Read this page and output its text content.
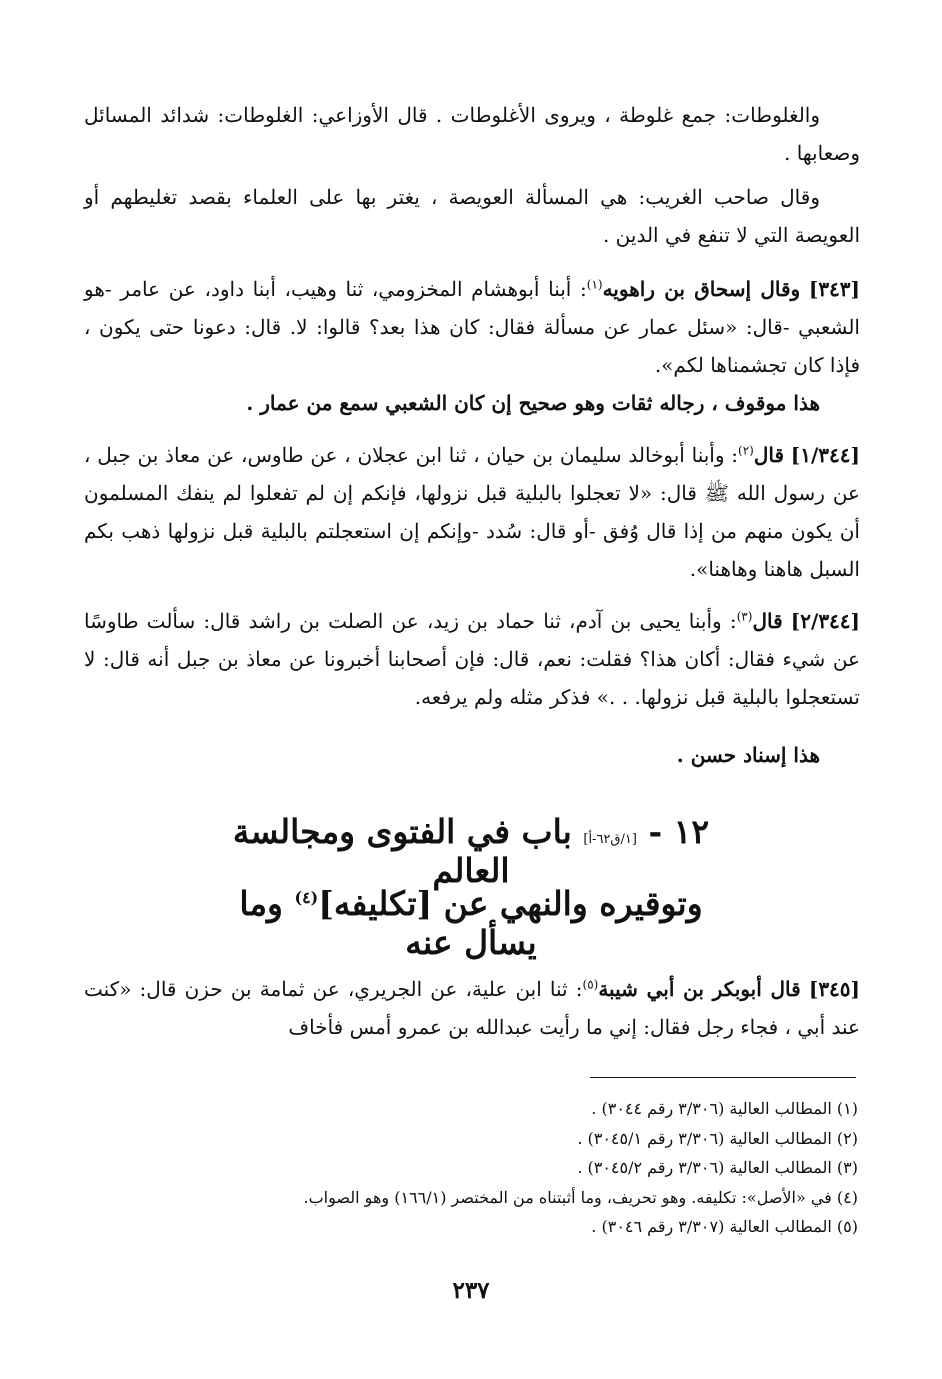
والغلوطات: جمع غلوطة ، ويروى الأغلوطات . قال الأوزاعي: الغلوطات: شدائد المسائل وصعابها .

وقال صاحب الغريب: هي المسألة العويصة ، يغتر بها على العلماء بقصد تغليطهم أو العويصة التي لا تنفع في الدين .

[٣٤٣] وقال إسحاق بن راهويه$^{(١)}$: أبنا أبوهشام المخزومي، ثنا وهيب، أبنا داود، عن عامر -هو الشعبي -قال: «سئل عمار عن مسألة فقال: كان هذا بعد؟ قالوا: لا. قال: دعونا حتى يكون ، فإذا كان تجشمناها لكم».

هذا موقوف ، رجاله ثقات وهو صحيح إن كان الشعبي سمع من عمار .

[١/٣٤٤] قال$^{(٢)}$: وأبنا أبوخالد سليمان بن حيان ، ثنا ابن عجلان ، عن طاوس، عن معاذ بن جبل ، عن رسول الله ﷺ قال: «لا تعجلوا بالبلية قبل نزولها، فإنكم إن لم تفعلوا لم ينفك المسلمون أن يكون منهم من إذا قال وُفق -أو قال: سُدد -وإنكم إن استعجلتم بالبلية قبل نزولها ذهب بكم السبل هاهنا وهاهنا».

[٢/٣٤٤] قال$^{(٣)}$: وأبنا يحيى بن آدم، ثنا حماد بن زيد، عن الصلت بن راشد قال: سألت طاوسًا عن شيء فقال: أكان هذا؟ فقلت: نعم، قال: فإن أصحابنا أخبرونا عن معاذ بن جبل أنه قال: لا تستعجلوا بالبلية قبل نزولها. . .» فذكر مثله ولم يرفعه.

هذا إسناد حسن .

١٢ - [١/ق٦٢-أ] باب في الفتوى ومجالسة العالم
وتوقيره والنهي عن [تكليفه]$^{(٤)}$ وما يسأل عنه

[٣٤٥] قال أبوبكر بن أبي شيبة$^{(٥)}$: ثنا ابن علية، عن الجريري، عن ثمامة بن حزن قال: «كنت عند أبي ، فجاء رجل فقال: إني ما رأيت عبدالله بن عمرو أمس فأخاف

(١) المطالب العالية (٣/٣٠٦ رقم ٣٠٤٤) .

(٢) المطالب العالية (٣/٣٠٦ رقم ٣٠٤٥/١) .

(٣) المطالب العالية (٣/٣٠٦ رقم ٣٠٤٥/٢) .

(٤) في «الأصل»: تكليفه. وهو تحريف، وما أثبتناه من المختصر (١٦٦/١) وهو الصواب.

(٥) المطالب العالية (٣/٣٠٧ رقم ٣٠٤٦) .

٢٣٧
